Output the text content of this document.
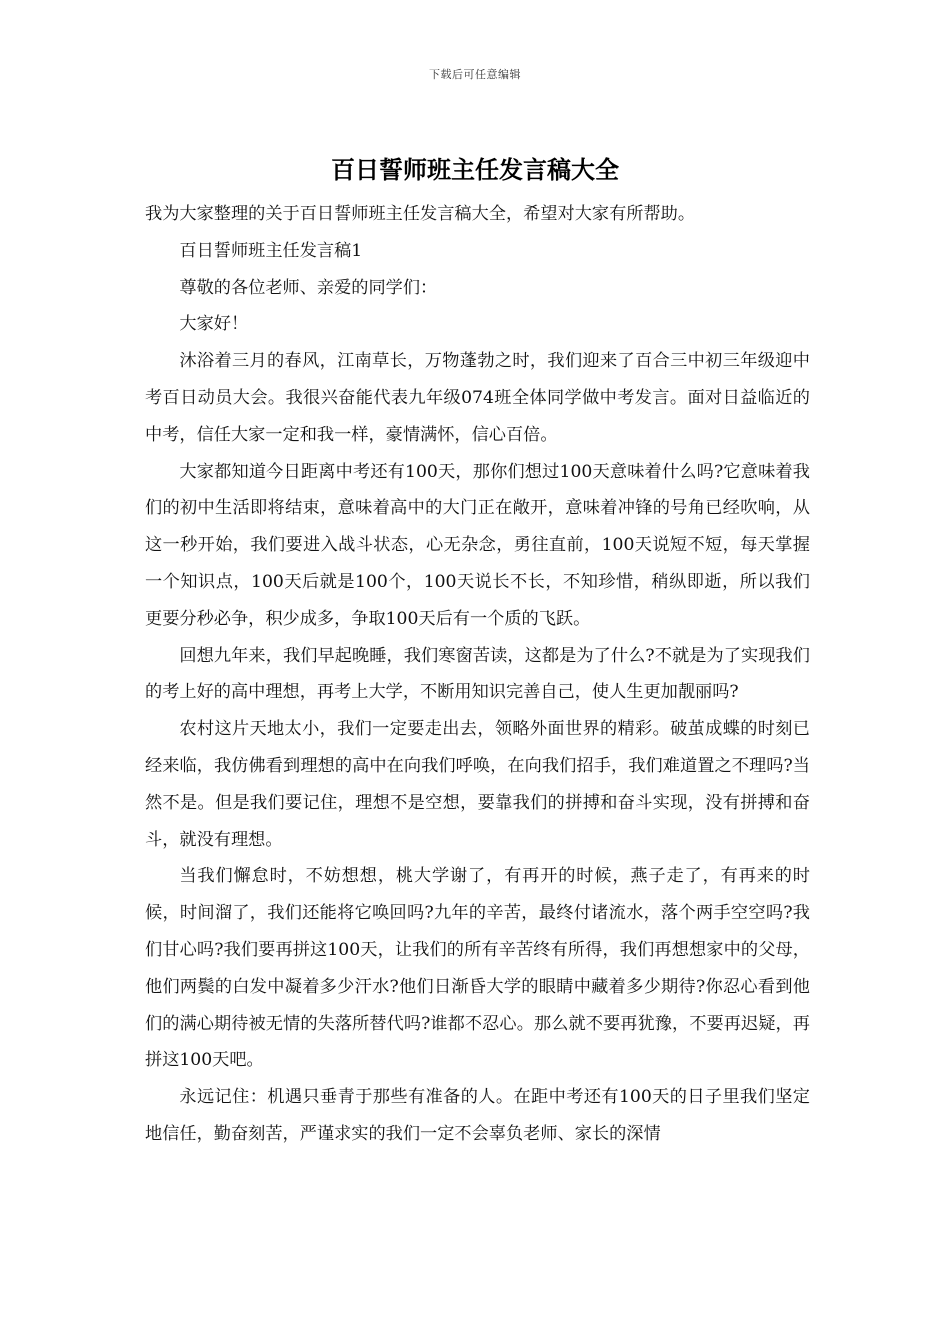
下载后可任意编辑
百日誓师班主任发言稿大全

我为大家整理的关于百日誓师班主任发言稿大全，希望对大家有所帮助。

百日誓师班主任发言稿1

尊敬的各位老师、亲爱的同学们：

大家好！

沐浴着三月的春风，江南草长，万物蓬勃之时，我们迎来了百合三中初三年级迎中考百日动员大会。我很兴奋能代表九年级074班全体同学做中考发言。面对日益临近的中考，信任大家一定和我一样，豪情满怀，信心百倍。

大家都知道今日距离中考还有100天，那你们想过100天意味着什么吗?它意味着我们的初中生活即将结束，意味着高中的大门正在敞开，意味着冲锋的号角已经吹响，从这一秒开始，我们要进入战斗状态，心无杂念，勇往直前，100天说短不短，每天掌握一个知识点，100天后就是100个，100天说长不长，不知珍惜，稍纵即逝，所以我们更要分秒必争，积少成多，争取100天后有一个质的飞跃。

回想九年来，我们早起晚睡，我们寒窗苦读，这都是为了什么?不就是为了实现我们的考上好的高中理想，再考上大学，不断用知识完善自己，使人生更加靓丽吗?

农村这片天地太小，我们一定要走出去，领略外面世界的精彩。破茧成蝶的时刻已经来临，我仿佛看到理想的高中在向我们呼唤，在向我们招手，我们难道置之不理吗?当然不是。但是我们要记住，理想不是空想，要靠我们的拼搏和奋斗实现，没有拼搏和奋斗，就没有理想。

当我们懈怠时，不妨想想，桃大学谢了，有再开的时候，燕子走了，有再来的时候，时间溜了，我们还能将它唤回吗?九年的辛苦，最终付诸流水，落个两手空空吗?我们甘心吗?我们要再拼这100天，让我们的所有辛苦终有所得，我们再想想家中的父母，他们两鬓的白发中凝着多少汗水?他们日渐昏大学的眼睛中藏着多少期待?你忍心看到他们的满心期待被无情的失落所替代吗?谁都不忍心。那么就不要再犹豫，不要再迟疑，再拼这100天吧。

永远记住：机遇只垂青于那些有准备的人。在距中考还有100天的日子里我们坚定地信任，勤奋刻苦，严谨求实的我们一定不会辜负老师、家长的深情
